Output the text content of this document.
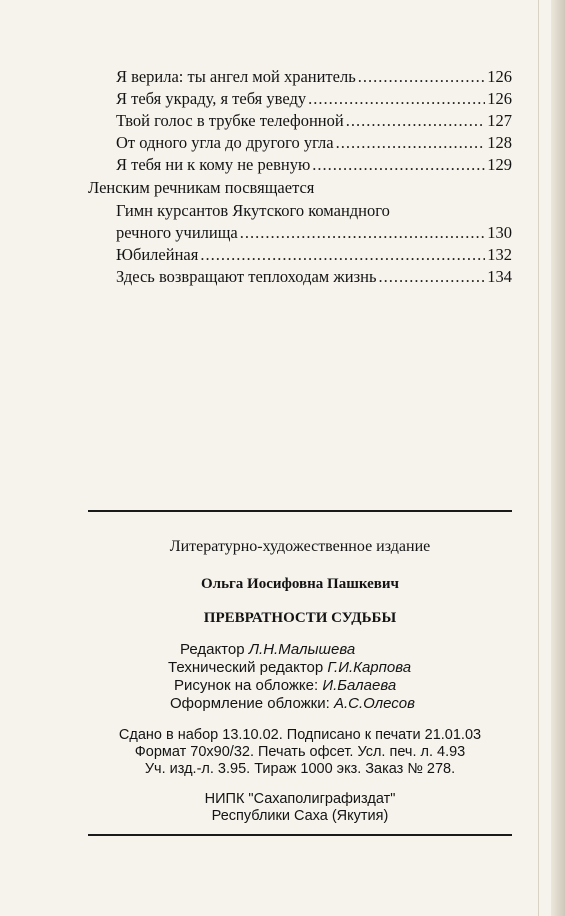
Я верила: ты ангел мой хранитель .....	126
Я тебя украду, я тебя уведу .....	126
Твой голос в трубке телефонной .....	127
От одного угла до другого угла .....	128
Я тебя ни к кому не ревную .....	129
Ленским речникам посвящается
Гимн курсантов Якутского командного
речного училища .....	130
Юбилейная .....	132
Здесь возвращают теплоходам жизнь .....	134
Литературно-художественное издание
Ольга Иосифовна Пашкевич
ПРЕВРАТНОСТИ СУДЬБЫ
Редактор Л.Н.Малышева
Технический редактор Г.И.Карпова
Рисунок на обложке: И.Балаева
Оформление обложки: А.С.Олесов
Сдано в набор 13.10.02. Подписано к печати 21.01.03
Формат 70х90/32. Печать офсет. Усл. печ. л. 4.93
Уч. изд.-л. 3.95. Тираж 1000 экз. Заказ № 278.
НИПК "Сахаполиграфиздат"
Республики Саха (Якутия)
